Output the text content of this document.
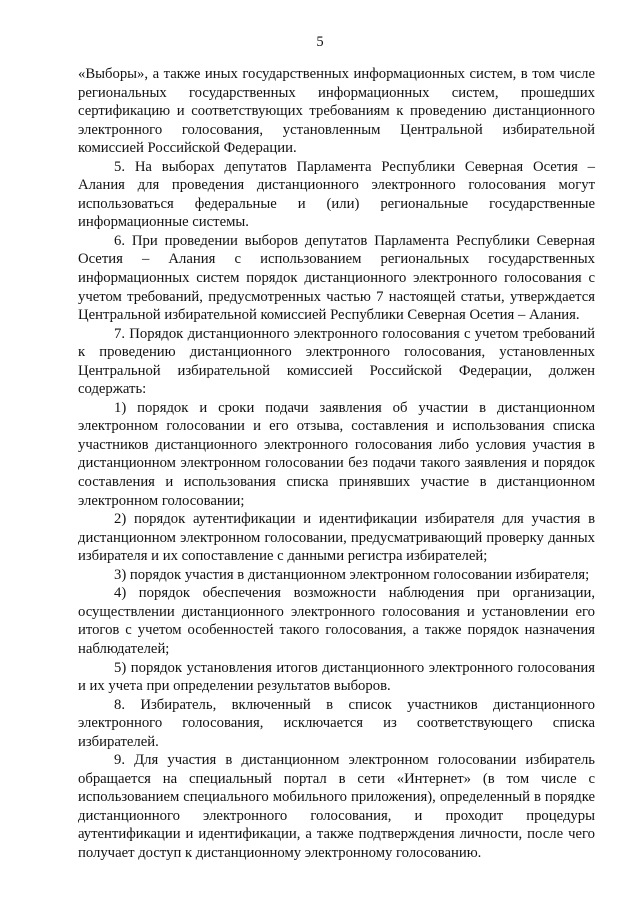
5

«Выборы», а также иных государственных информационных систем, в том числе региональных государственных информационных систем, прошедших сертификацию и соответствующих требованиям к проведению дистанционного электронного голосования, установленным Центральной избирательной комиссией Российской Федерации.

5. На выборах депутатов Парламента Республики Северная Осетия – Алания для проведения дистанционного электронного голосования могут использоваться федеральные и (или) региональные государственные информационные системы.

6. При проведении выборов депутатов Парламента Республики Северная Осетия – Алания с использованием региональных государственных информационных систем порядок дистанционного электронного голосования с учетом требований, предусмотренных частью 7 настоящей статьи, утверждается Центральной избирательной комиссией Республики Северная Осетия – Алания.

7. Порядок дистанционного электронного голосования с учетом требований к проведению дистанционного электронного голосования, установленных Центральной избирательной комиссией Российской Федерации, должен содержать:

1) порядок и сроки подачи заявления об участии в дистанционном электронном голосовании и его отзыва, составления и использования списка участников дистанционного электронного голосования либо условия участия в дистанционном электронном голосовании без подачи такого заявления и порядок составления и использования списка принявших участие в дистанционном электронном голосовании;

2) порядок аутентификации и идентификации избирателя для участия в дистанционном электронном голосовании, предусматривающий проверку данных избирателя и их сопоставление с данными регистра избирателей;

3) порядок участия в дистанционном электронном голосовании избирателя;

4) порядок обеспечения возможности наблюдения при организации, осуществлении дистанционного электронного голосования и установлении его итогов с учетом особенностей такого голосования, а также порядок назначения наблюдателей;

5) порядок установления итогов дистанционного электронного голосования и их учета при определении результатов выборов.

8. Избиратель, включенный в список участников дистанционного электронного голосования, исключается из соответствующего списка избирателей.

9. Для участия в дистанционном электронном голосовании избиратель обращается на специальный портал в сети «Интернет» (в том числе с использованием специального мобильного приложения), определенный в порядке дистанционного электронного голосования, и проходит процедуры аутентификации и идентификации, а также подтверждения личности, после чего получает доступ к дистанционному электронному голосованию.
